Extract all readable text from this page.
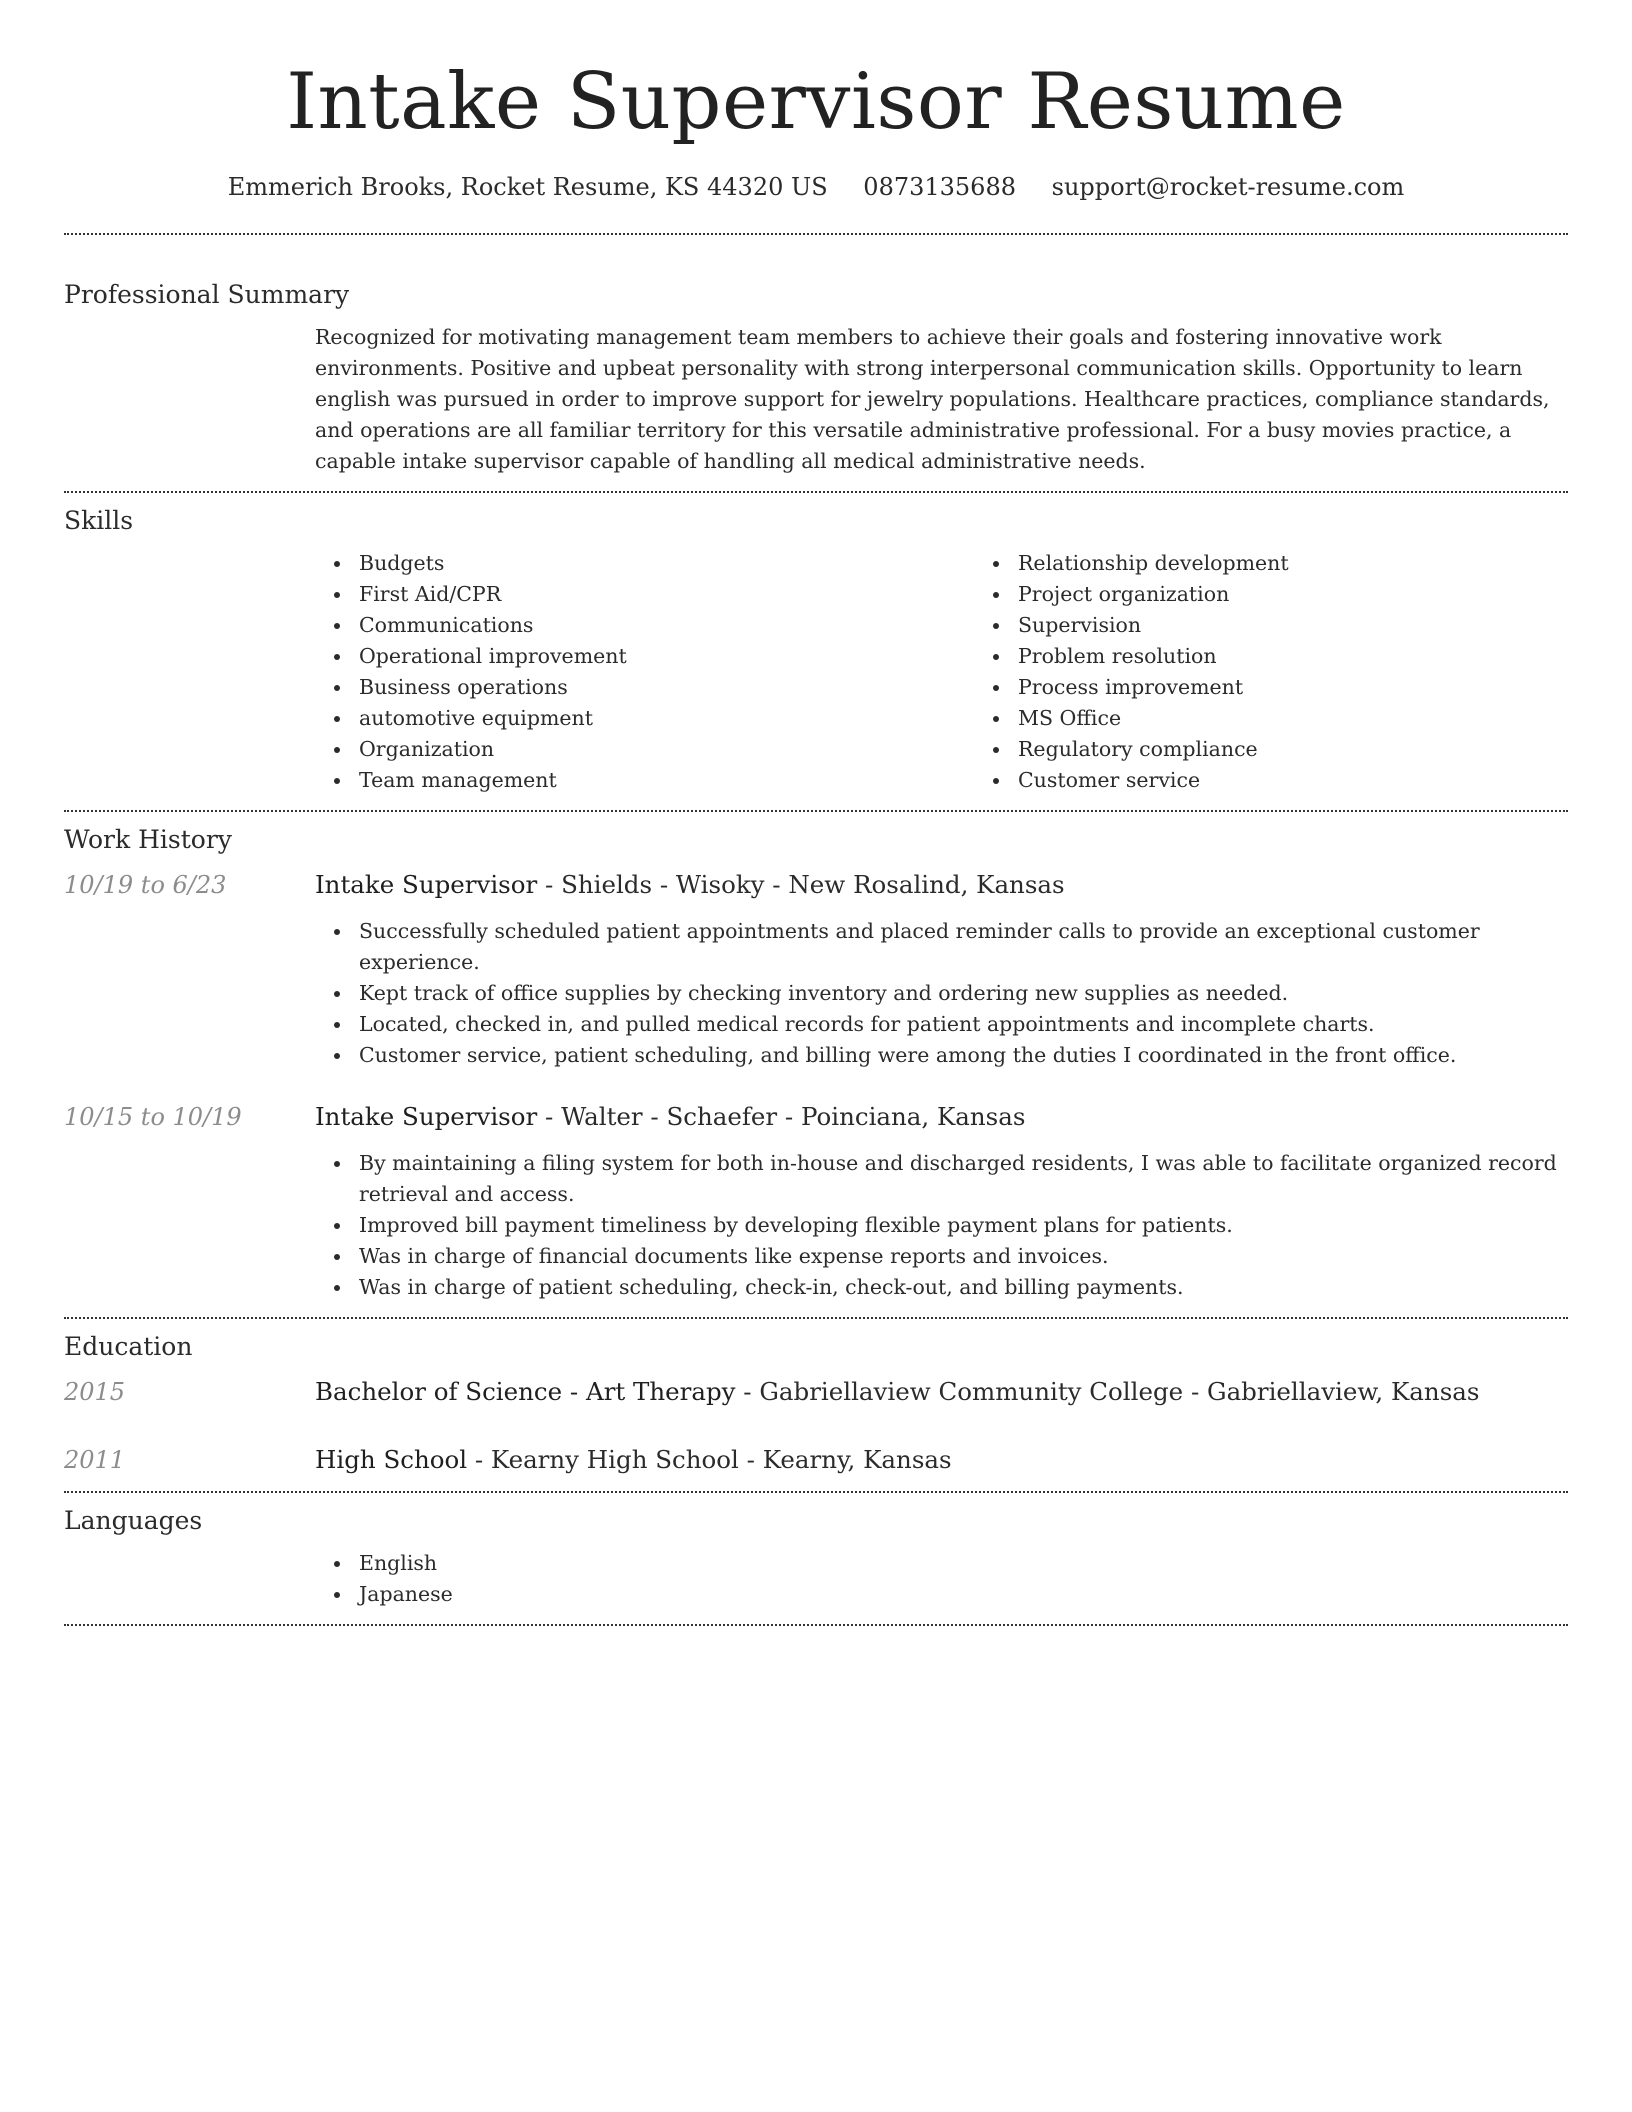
Intake Supervisor Resume
Emmerich Brooks, Rocket Resume, KS 44320 US 0873135688 support@rocket-resume.com
Professional Summary

Recognized for motivating management team members to achieve their goals and fostering innovative work environments. Positive and upbeat personality with strong interpersonal communication skills. Opportunity to learn english was pursued in order to improve support for jewelry populations. Healthcare practices, compliance standards, and operations are all familiar territory for this versatile administrative professional. For a busy movies practice, a capable intake supervisor capable of handling all medical administrative needs.

Skills
Budgets
First Aid/CPR
Communications
Operational improvement
Business operations
automotive equipment
Organization
Team management
Relationship development
Project organization
Supervision
Problem resolution
Process improvement
MS Office
Regulatory compliance
Customer service
Work History
10/19 to 6/23	Intake Supervisor - Shields - Wisoky - New Rosalind, Kansas
Successfully scheduled patient appointments and placed reminder calls to provide an exceptional customer experience.
Kept track of office supplies by checking inventory and ordering new supplies as needed.
Located, checked in, and pulled medical records for patient appointments and incomplete charts.
Customer service, patient scheduling, and billing were among the duties I coordinated in the front office.
10/15 to 10/19	Intake Supervisor - Walter - Schaefer - Poinciana, Kansas
By maintaining a filing system for both in-house and discharged residents, I was able to facilitate organized record retrieval and access.
Improved bill payment timeliness by developing flexible payment plans for patients.
Was in charge of financial documents like expense reports and invoices.
Was in charge of patient scheduling, check-in, check-out, and billing payments.
Education
2015	Bachelor of Science - Art Therapy - Gabriellaview Community College - Gabriellaview, Kansas
2011	High School - Kearny High School - Kearny, Kansas
Languages
English
Japanese
